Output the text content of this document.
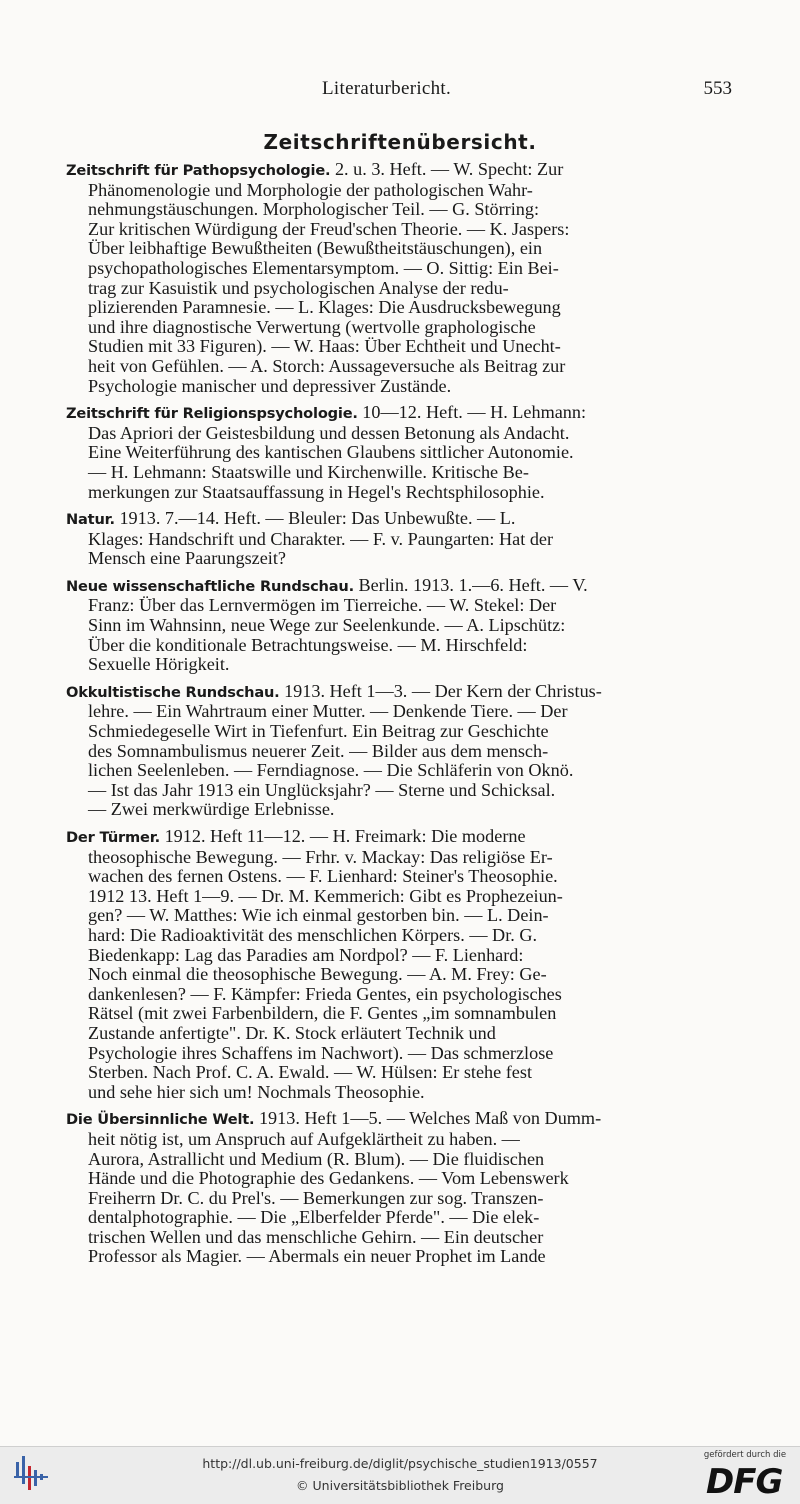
Literaturbericht.	553
Zeitschriftenübersicht.
Zeitschrift für Pathopsychologie. 2. u. 3. Heft. — W. Specht: Zur
Phänomenologie und Morphologie der pathologischen Wahr-
nehmungstäuschungen. Morphologischer Teil. — G. Störring:
Zur kritischen Würdigung der Freud'schen Theorie. — K. Jaspers:
Über leibhaftige Bewußtheiten (Bewußtheitstäuschungen), ein
psychopathologisches Elementarsymptom. — O. Sittig: Ein Bei-
trag zur Kasuistik und psychologischen Analyse der redu-
plizierenden Paramnesie. — L. Klages: Die Ausdrucksbewegung
und ihre diagnostische Verwertung (wertvolle graphologische
Studien mit 33 Figuren). — W. Haas: Über Echtheit und Unecht-
heit von Gefühlen. — A. Storch: Aussageversuche als Beitrag zur
Psychologie manischer und depressiver Zustände.
Zeitschrift für Religionspsychologie. 10—12. Heft. — H. Lehmann:
Das Apriori der Geistesbildung und dessen Betonung als Andacht.
Eine Weiterführung des kantischen Glaubens sittlicher Autonomie.
— H. Lehmann: Staatswille und Kirchenwille. Kritische Be-
merkungen zur Staatsauffassung in Hegel's Rechtsphilosophie.
Natur. 1913. 7.—14. Heft. — Bleuler: Das Unbewußte. — L.
Klages: Handschrift und Charakter. — F. v. Paungarten: Hat der
Mensch eine Paarungszeit?
Neue wissenschaftliche Rundschau. Berlin. 1913. 1.—6. Heft. — V.
Franz: Über das Lernvermögen im Tierreiche. — W. Stekel: Der
Sinn im Wahnsinn, neue Wege zur Seelenkunde. — A. Lipschütz:
Über die konditionale Betrachtungsweise. — M. Hirschfeld:
Sexuelle Hörigkeit.
Okkultistische Rundschau. 1913. Heft 1—3. — Der Kern der Christus-
lehre. — Ein Wahrtraum einer Mutter. — Denkende Tiere. — Der
Schmiedegeselle Wirt in Tiefenfurt. Ein Beitrag zur Geschichte
des Somnambulismus neuerer Zeit. — Bilder aus dem mensch-
lichen Seelenleben. — Ferndiagnose. — Die Schläferin von Oknö.
— Ist das Jahr 1913 ein Unglücksjahr? — Sterne und Schicksal.
— Zwei merkwürdige Erlebnisse.
Der Türmer. 1912. Heft 11—12. — H. Freimark: Die moderne
theosophische Bewegung. — Frhr. v. Mackay: Das religiöse Er-
wachen des fernen Ostens. — F. Lienhard: Steiner's Theosophie.
1912 13. Heft 1—9. — Dr. M. Kemmerich: Gibt es Prophezeiun-
gen? — W. Matthes: Wie ich einmal gestorben bin. — L. Dein-
hard: Die Radioaktivität des menschlichen Körpers. — Dr. G.
Biedenkapp: Lag das Paradies am Nordpol? — F. Lienhard:
Noch einmal die theosophische Bewegung. — A. M. Frey: Ge-
dankenlesen? — F. Kämpfer: Frieda Gentes, ein psychologisches
Rätsel (mit zwei Farbenbildern, die F. Gentes „im somnambulen
Zustande anfertigte". Dr. K. Stock erläutert Technik und
Psychologie ihres Schaffens im Nachwort). — Das schmerzlose
Sterben. Nach Prof. C. A. Ewald. — W. Hülsen: Er stehe fest
und sehe hier sich um! Nochmals Theosophie.
Die Übersinnliche Welt. 1913. Heft 1—5. — Welches Maß von Dumm-
heit nötig ist, um Anspruch auf Aufgeklärtheit zu haben. —
Aurora, Astrallicht und Medium (R. Blum). — Die fluidischen
Hände und die Photographie des Gedankens. — Vom Lebenswerk
Freiherrn Dr. C. du Prel's. — Bemerkungen zur sog. Transzen-
dentalphotographie. — Die „Elberfelder Pferde". — Die elek-
trischen Wellen und das menschliche Gehirn. — Ein deutscher
Professor als Magier. — Abermals ein neuer Prophet im Lande
http://dl.ub.uni-freiburg.de/diglit/psychische_studien1913/0557
© Universitätsbibliothek Freiburg
gefördert durch die
DFG
